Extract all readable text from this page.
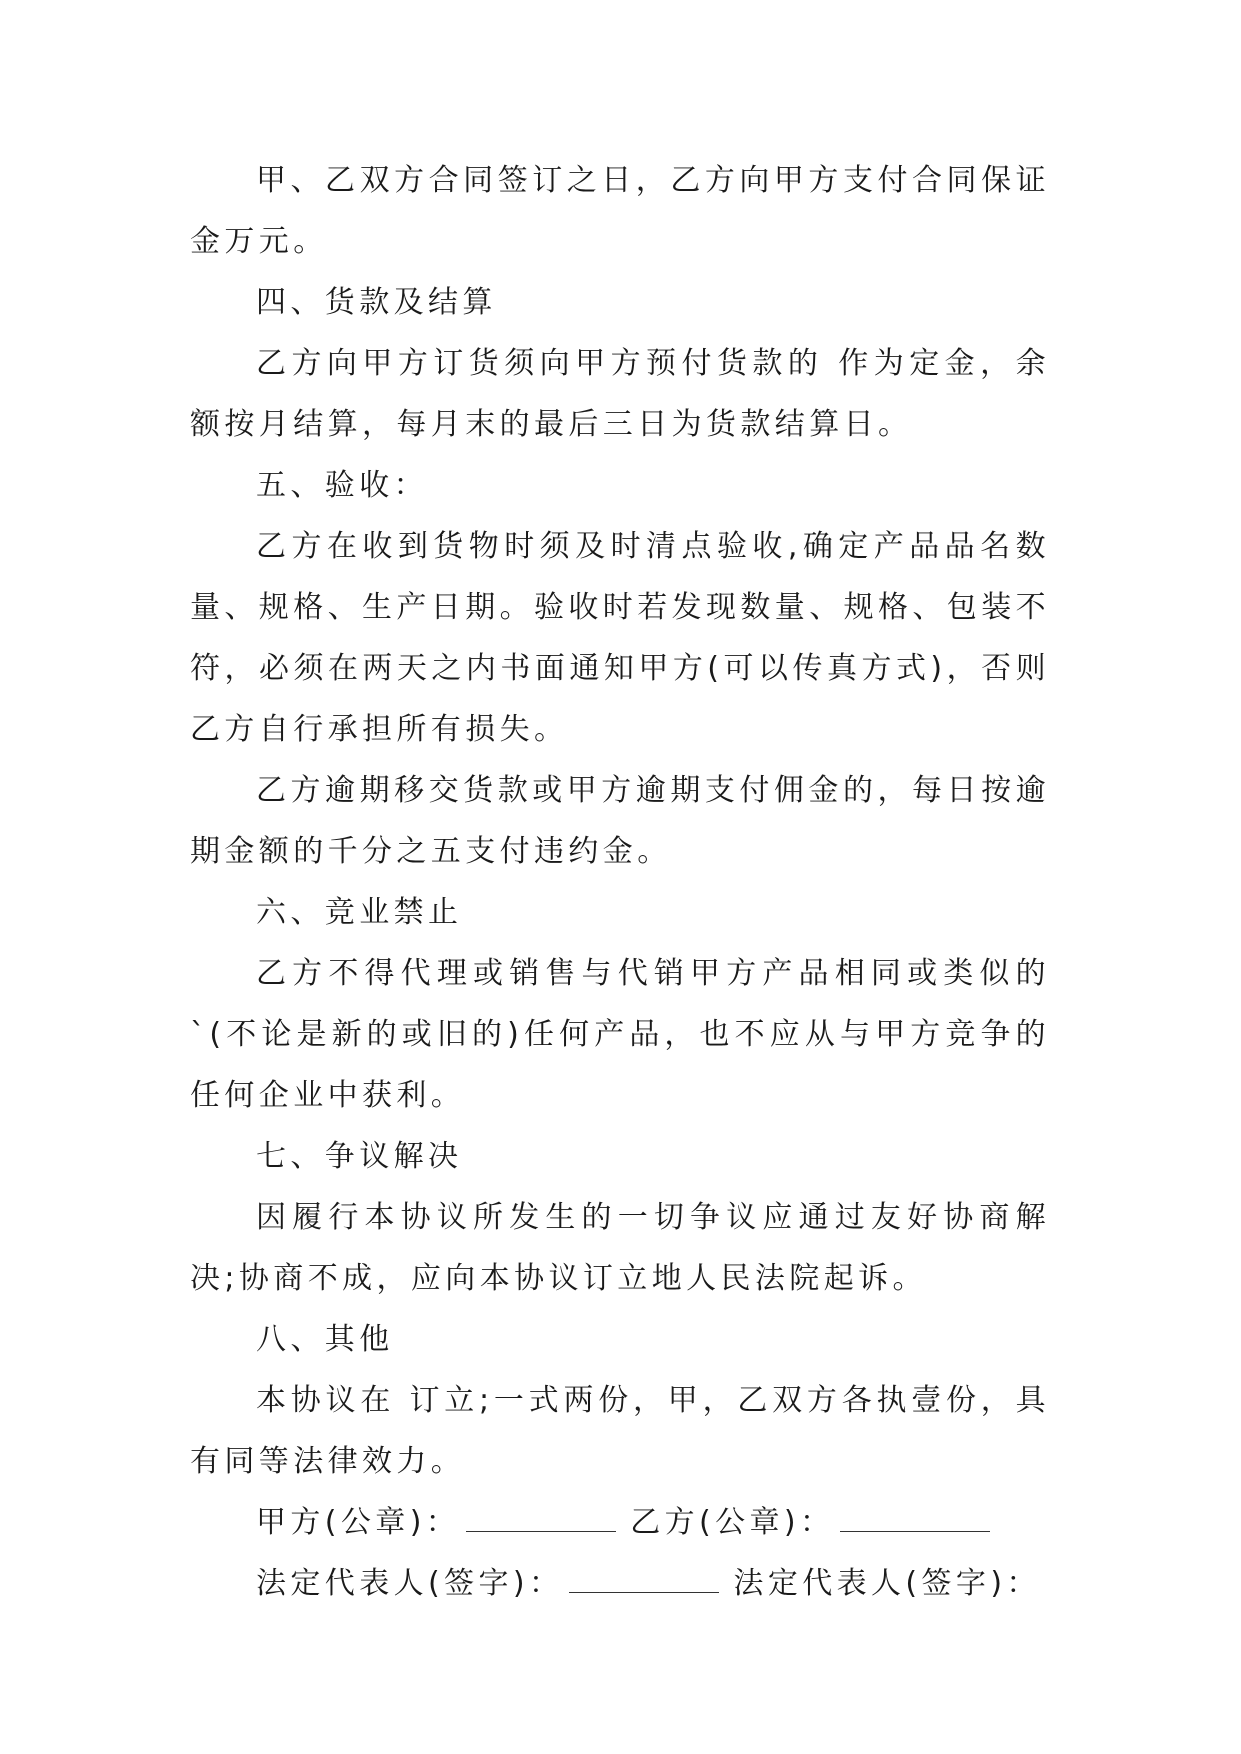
甲、乙双方合同签订之日，乙方向甲方支付合同保证金万元。

四、货款及结算

乙方向甲方订货须向甲方预付货款的 作为定金，余额按月结算，每月末的最后三日为货款结算日。

五、验收：

乙方在收到货物时须及时清点验收,确定产品品名数量、规格、生产日期。验收时若发现数量、规格、包装不符，必须在两天之内书面通知甲方(可以传真方式)，否则乙方自行承担所有损失。

乙方逾期移交货款或甲方逾期支付佣金的，每日按逾期金额的千分之五支付违约金。

六、竞业禁止

乙方不得代理或销售与代销甲方产品相同或类似的`(不论是新的或旧的)任何产品，也不应从与甲方竞争的任何企业中获利。

七、争议解决

因履行本协议所发生的一切争议应通过友好协商解决;协商不成，应向本协议订立地人民法院起诉。

八、其他

本协议在 订立;一式两份，甲，乙双方各执壹份，具有同等法律效力。

甲方(公章)：	乙方(公章)：

法定代表人(签字)：	法定代表人(签字)：
